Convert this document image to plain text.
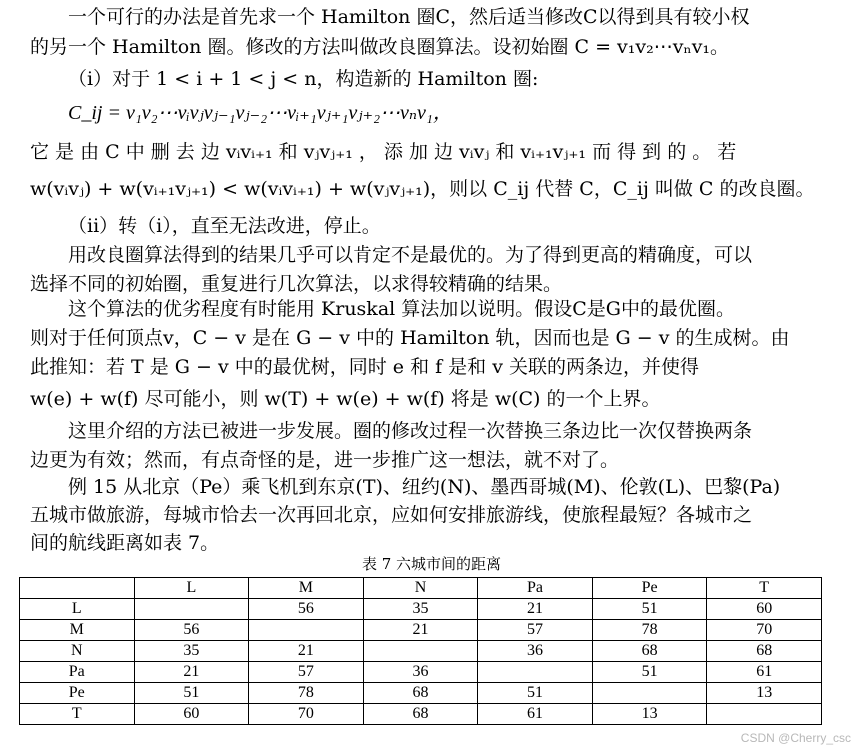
一个可行的办法是首先求一个 Hamilton 圈C，然后适当修改C以得到具有较小权
的另一个 Hamilton 圈。修改的方法叫做改良圈算法。设初始圈 C = v₁v₂⋯vₙv₁。
（i）对于 1 < i + 1 < j < n，构造新的 Hamilton 圈:
C_ij = v₁v₂⋯vᵢvⱼvⱼ₋₁vⱼ₋₂⋯vᵢ₊₁vⱼ₊₁vⱼ₊₂⋯vₙv₁，
它 是 由 C 中 删 去 边 vᵢvᵢ₊₁ 和 vⱼvⱼ₊₁ ， 添 加 边 vᵢvⱼ 和 vᵢ₊₁vⱼ₊₁ 而 得 到 的 。 若
w(vᵢvⱼ) + w(vᵢ₊₁vⱼ₊₁) < w(vᵢvᵢ₊₁) + w(vⱼvⱼ₊₁)，则以 C_ij 代替 C，C_ij 叫做 C 的改良圈。
（ii）转（i），直至无法改进，停止。
用改良圈算法得到的结果几乎可以肯定不是最优的。为了得到更高的精确度，可以
选择不同的初始圈，重复进行几次算法，以求得较精确的结果。
这个算法的优劣程度有时能用 Kruskal 算法加以说明。假设C是G中的最优圈。
则对于任何顶点v，C − v 是在 G − v 中的 Hamilton 轨，因而也是 G − v 的生成树。由
此推知：若 T 是 G − v 中的最优树，同时 e 和 f 是和 v 关联的两条边，并使得
w(e) + w(f) 尽可能小，则 w(T) + w(e) + w(f) 将是 w(C) 的一个上界。
这里介绍的方法已被进一步发展。圈的修改过程一次替换三条边比一次仅替换两条
边更为有效；然而，有点奇怪的是，进一步推广这一想法，就不对了。
例 15 从北京（Pe）乘飞机到东京(T)、纽约(N)、墨西哥城(M)、伦敦(L)、巴黎(Pa)
五城市做旅游，每城市恰去一次再回北京，应如何安排旅游线，使旅程最短？各城市之
间的航线距离如表 7。
表 7 六城市间的距离
	L	M	N	Pa	Pe	T
L		56	35	21	51	60
M	56		21	57	78	70
N	35	21		36	68	68
Pa	21	57	36		51	61
Pe	51	78	68	51		13
T	60	70	68	61	13	
CSDN @Cherry_csc
